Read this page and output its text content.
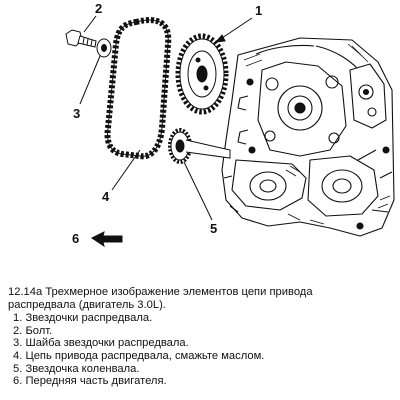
1
2
3
4
5
6
12.14а Трехмерное изображение элементов цепи привода
распредвала (двигатель 3.0L).
1. Звездочки распредвала.
2. Болт.
3. Шайба звездочки распредвала.
4. Цепь привода распредвала, смажьте маслом.
5. Звездочка коленвала.
6. Передняя часть двигателя.
